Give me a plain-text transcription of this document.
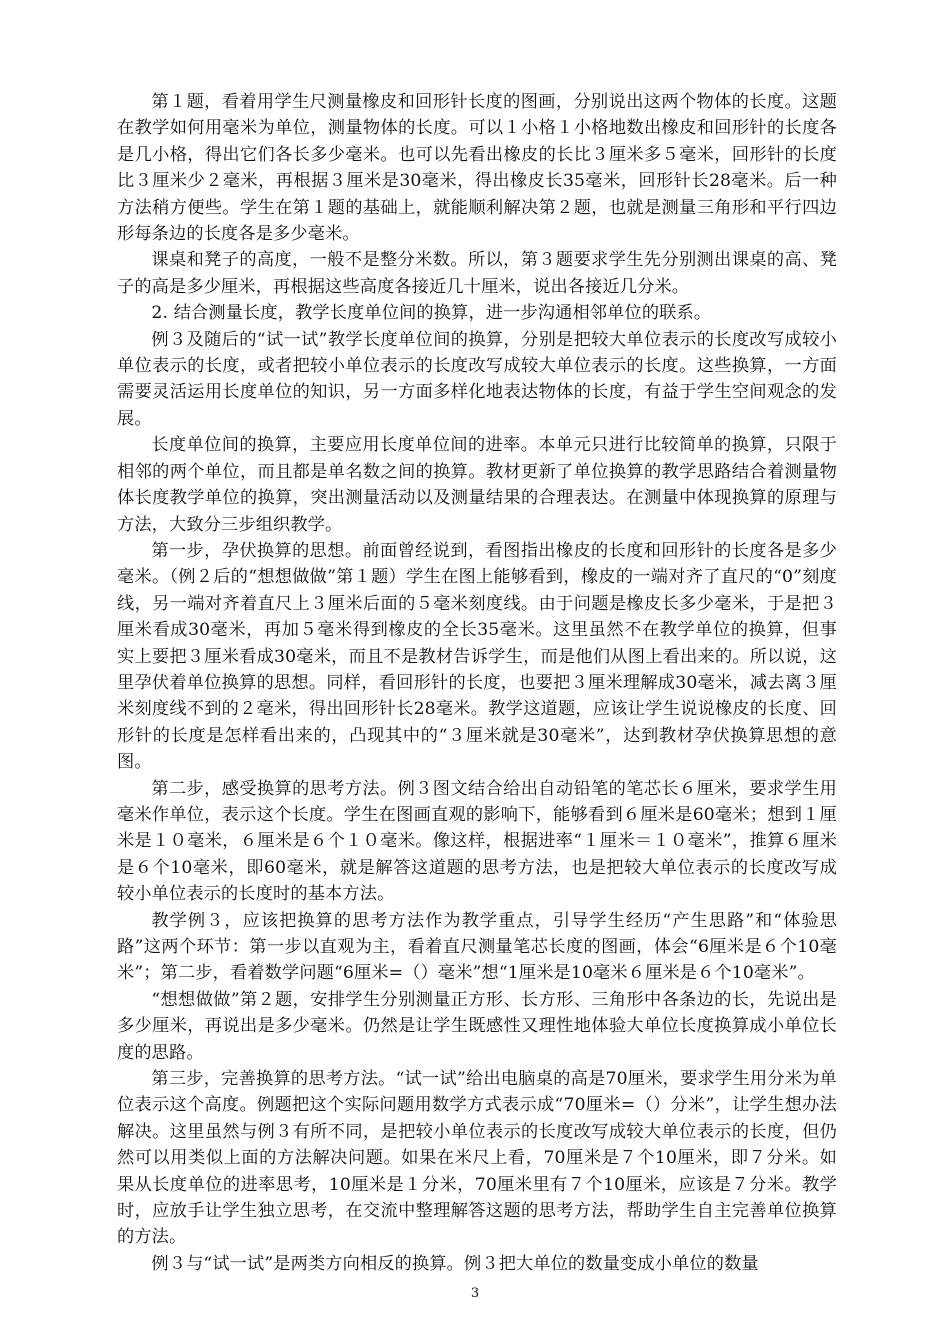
第１题，看着用学生尺测量橡皮和回形针长度的图画，分别说出这两个物体的长度。这题在教学如何用毫米为单位，测量物体的长度。可以１小格１小格地数出橡皮和回形针的长度各是几小格，得出它们各长多少毫米。也可以先看出橡皮的长比３厘米多５毫米，回形针的长度比３厘米少２毫米，再根据３厘米是30毫米，得出橡皮长35毫米，回形针长28毫米。后一种方法稍方便些。学生在第１题的基础上，就能顺利解决第２题，也就是测量三角形和平行四边形每条边的长度各是多少毫米。

课桌和凳子的高度，一般不是整分米数。所以，第３题要求学生先分别测出课桌的高、凳子的高是多少厘米，再根据这些高度各接近几十厘米，说出各接近几分米。

2. 结合测量长度，教学长度单位间的换算，进一步沟通相邻单位的联系。

例３及随后的“试一试”教学长度单位间的换算，分别是把较大单位表示的长度改写成较小单位表示的长度，或者把较小单位表示的长度改写成较大单位表示的长度。这些换算，一方面需要灵活运用长度单位的知识，另一方面多样化地表达物体的长度，有益于学生空间观念的发展。

长度单位间的换算，主要应用长度单位间的进率。本单元只进行比较简单的换算，只限于相邻的两个单位，而且都是单名数之间的换算。教材更新了单位换算的教学思路结合着测量物体长度教学单位的换算，突出测量活动以及测量结果的合理表达。在测量中体现换算的原理与方法，大致分三步组织教学。

第一步，孕伏换算的思想。前面曾经说到，看图指出橡皮的长度和回形针的长度各是多少毫米。（例２后的“想想做做”第１题）学生在图上能够看到，橡皮的一端对齐了直尺的“0”刻度线，另一端对齐着直尺上３厘米后面的５毫米刻度线。由于问题是橡皮长多少毫米，于是把３厘米看成30毫米，再加５毫米得到橡皮的全长35毫米。这里虽然不在教学单位的换算，但事实上要把３厘米看成30毫米，而且不是教材告诉学生，而是他们从图上看出来的。所以说，这里孕伏着单位换算的思想。同样，看回形针的长度，也要把３厘米理解成30毫米，减去离３厘米刻度线不到的２毫米，得出回形针长28毫米。教学这道题，应该让学生说说橡皮的长度、回形针的长度是怎样看出来的，凸现其中的“３厘米就是30毫米”，达到教材孕伏换算思想的意图。

第二步，感受换算的思考方法。例３图文结合给出自动铅笔的笔芯长６厘米，要求学生用毫米作单位，表示这个长度。学生在图画直观的影响下，能够看到６厘米是60毫米；想到１厘米是１０毫米，６厘米是６个１０毫米。像这样，根据进率“１厘米＝１０毫米”，推算６厘米是６个10毫米，即60毫米，就是解答这道题的思考方法，也是把较大单位表示的长度改写成较小单位表示的长度时的基本方法。

教学例３，应该把换算的思考方法作为教学重点，引导学生经历“产生思路”和“体验思路”这两个环节：第一步以直观为主，看着直尺测量笔芯长度的图画，体会“6厘米是６个10毫米”；第二步，看着数学问题“6厘米=（）毫米”想“1厘米是10毫米６厘米是６个10毫米”。

“想想做做”第２题，安排学生分别测量正方形、长方形、三角形中各条边的长，先说出是多少厘米，再说出是多少毫米。仍然是让学生既感性又理性地体验大单位长度换算成小单位长度的思路。

第三步，完善换算的思考方法。“试一试”给出电脑桌的高是70厘米，要求学生用分米为单位表示这个高度。例题把这个实际问题用数学方式表示成“70厘米=（）分米”，让学生想办法解决。这里虽然与例３有所不同，是把较小单位表示的长度改写成较大单位表示的长度，但仍然可以用类似上面的方法解决问题。如果在米尺上看，70厘米是７个10厘米，即７分米。如果从长度单位的进率思考，10厘米是１分米，70厘米里有７个10厘米，应该是７分米。教学时，应放手让学生独立思考，在交流中整理解答这题的思考方法，帮助学生自主完善单位换算的方法。

例３与“试一试”是两类方向相反的换算。例３把大单位的数量变成小单位的数量

3
